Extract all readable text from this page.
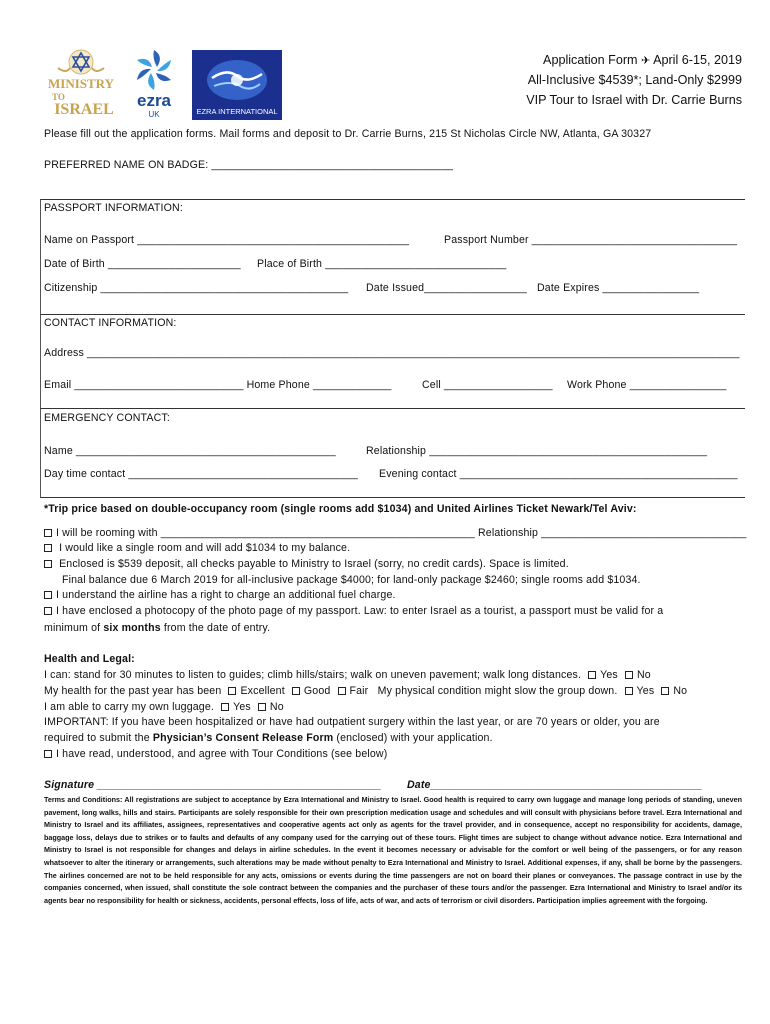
MINISTRY
TO
ISRAEL ezra
UK	EZRA INTERNATIONAL
Application Form ✈ April 6-15, 2019
All-Inclusive $4539*; Land-Only $2999
VIP Tour to Israel with Dr. Carrie Burns
Please fill out the application forms. Mail forms and deposit to Dr. Carrie Burns, 215 St Nicholas Circle NW, Atlanta, GA 30327
PREFERRED NAME ON BADGE: ________________________________________
PASSPORT INFORMATION:
Name on Passport _____________________________________________	Passport Number __________________________________
Date of Birth ______________________ Place of Birth ______________________________
Citizenship _________________________________________ Date Issued_________________ Date Expires ________________
CONTACT INFORMATION:
Address ____________________________________________________________________________________________________________
Email ____________________________ Home Phone _____________	Cell __________________ Work Phone ________________
EMERGENCY CONTACT:
Name ___________________________________________	Relationship ______________________________________________
Day time contact ______________________________________ Evening contact ______________________________________________
*Trip price based on double-occupancy room (single rooms add $1034) and United Airlines Ticket Newark/Tel Aviv:
I will be rooming with ____________________________________________________ Relationship __________________________________
I would like a single room and will add $1034 to my balance.
Enclosed is $539 deposit, all checks payable to Ministry to Israel (sorry, no credit cards). Space is limited.
Final balance due 6 March 2019 for all-inclusive package $4000; for land-only package $2460; single rooms add $1034.
I understand the airline has a right to charge an additional fuel charge.
I have enclosed a photocopy of the photo page of my passport. Law: to enter Israel as a tourist, a passport must be valid for a
minimum of six months from the date of entry.
Health and Legal:
I can: stand for 30 minutes to listen to guides; climb hills/stairs; walk on uneven pavement; walk long distances. Yes No
My health for the past year has been Excellent Good Fair My physical condition might slow the group down. Yes No
I am able to carry my own luggage. Yes No
IMPORTANT: If you have been hospitalized or have had outpatient surgery within the last year, or are 70 years or older, you are
required to submit the Physician’s Consent Release Form (enclosed) with your application.
I have read, understood, and agree with Tour Conditions (see below)
Signature _______________________________________________ Date_____________________________________________
Terms and Conditions: All registrations are subject to acceptance by Ezra International and Ministry to Israel. Good health is required to carry own luggage and manage long periods of standing, uneven pavement, long walks, hills and stairs. Participants are solely responsible for their own prescription medication usage and schedules and will consult with physicians before travel. Ezra International and Ministry to Israel and its affiliates, assignees, representatives and cooperative agents act only as agents for the travel provider, and in consequence, accept no responsibility for accidents, damage, baggage loss, delays due to strikes or to faults and defaults of any company used for the carrying out of these tours. Flight times are subject to change without advance notice. Ezra International and Ministry to Israel is not responsible for changes and delays in airline schedules. In the event it becomes necessary or advisable for the comfort or well being of the passengers, or for any reason whatsoever to alter the itinerary or arrangements, such alterations may be made without penalty to Ezra International and Ministry to Israel. Additional expenses, if any, shall be borne by the passengers. The airlines concerned are not to be held responsible for any acts, omissions or events during the time passengers are not on board their planes or conveyances. The passage contract in use by the companies concerned, when issued, shall constitute the sole contract between the companies and the purchaser of these tours and/or the passenger. Ezra International and Ministry to Israel and/or its agents bear no responsibility for health or sickness, accidents, personal effects, loss of life, acts of war, and acts of terrorism or civil disorders. Participation implies agreement with the forgoing.
